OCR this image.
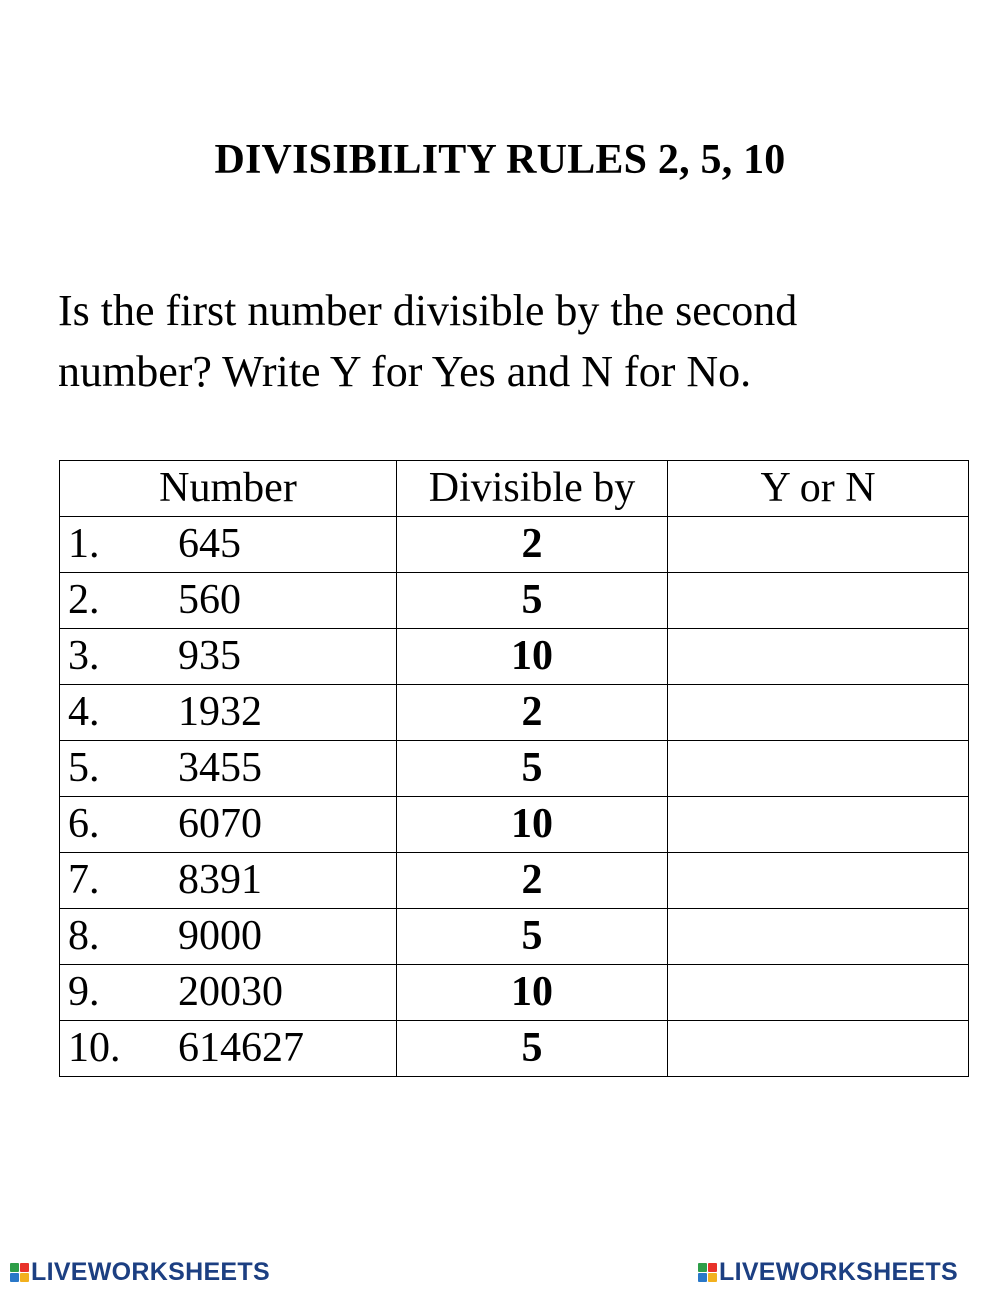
DIVISIBILITY RULES 2, 5, 10
Is the first number divisible by the second number? Write Y for Yes and N for No.
Number	Divisible by	Y or N
1. 645	2	
2. 560	5	
3. 935	10	
4. 1932	2	
5. 3455	5	
6. 6070	10	
7. 8391	2	
8. 9000	5	
9. 20030	10	
10. 614627	5	
LIVEWORKSHEETS	LIVEWORKSHEETS
